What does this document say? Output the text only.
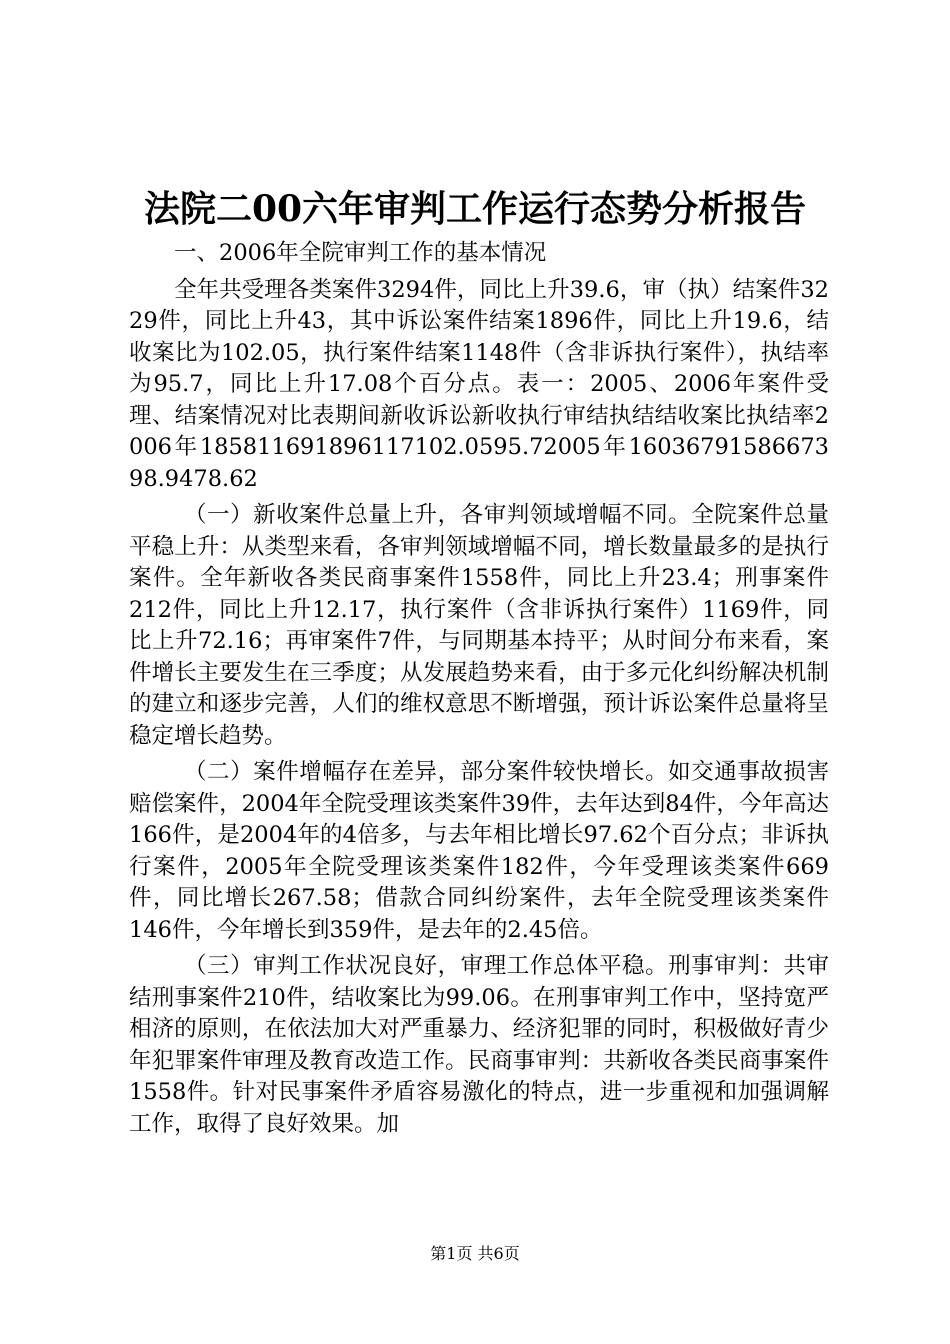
法院二00六年审判工作运行态势分析报告

一、2006年全院审判工作的基本情况

全年共受理各类案件3294件，同比上升39.6，审（执）结案件3229件，同比上升43，其中诉讼案件结案1896件，同比上升19.6，结收案比为102.05，执行案件结案1148件（含非诉执行案件），执结率为95.7，同比上升17.08个百分点。表一：2005、2006年案件受理、结案情况对比表期间新收诉讼新收执行审结执结结收案比执结率2006年18581169189611710​2.0595.72005年1603679158667398.9478.62

（一）新收案件总量上升，各审判领域增幅不同。全院案件总量平稳上升：从类型来看，各审判领域增幅不同，增长数量最多的是执行案件。全年新收各类民商事案件1558件，同比上升23.4；刑事案件212件，同比上升12.17，执行案件（含非诉执行案件）1169件，同比上升72.16；再审案件7件，与同期基本持平；从时间分布来看，案件增长主要发生在三季度；从发展趋势来看，由于多元化纠纷解决机制的建立和逐步完善，人们的维权意思不断增强，预计诉讼案件总量将呈稳定增长趋势。

（二）案件增幅存在差异，部分案件较快增长。如交通事故损害赔偿案件，2004年全院受理该类案件39件，去年达到84件，今年高达166件，是2004年的4倍多，与去年相比增长97.62个百分点；非诉执行案件，2005年全院受理该类案件182件，今年受理该类案件669件，同比增长267.58；借款合同纠纷案件，去年全院受理该类案件146件，今年增长到359件，是去年的2.45倍。

（三）审判工作状况良好，审理工作总体平稳。刑事审判：共审结刑事案件210件，结收案比为99.06。在刑事审判工作中，坚持宽严相济的原则，在依法加大对严重暴力、经济犯罪的同时，积极做好青少年犯罪案件审理及教育改造工作。民商事审判：共新收各类民商事案件1558件。针对民事案件矛盾容易激化的特点，进一步重视和加强调解工作，取得了良好效果。加

第1页 共6页
